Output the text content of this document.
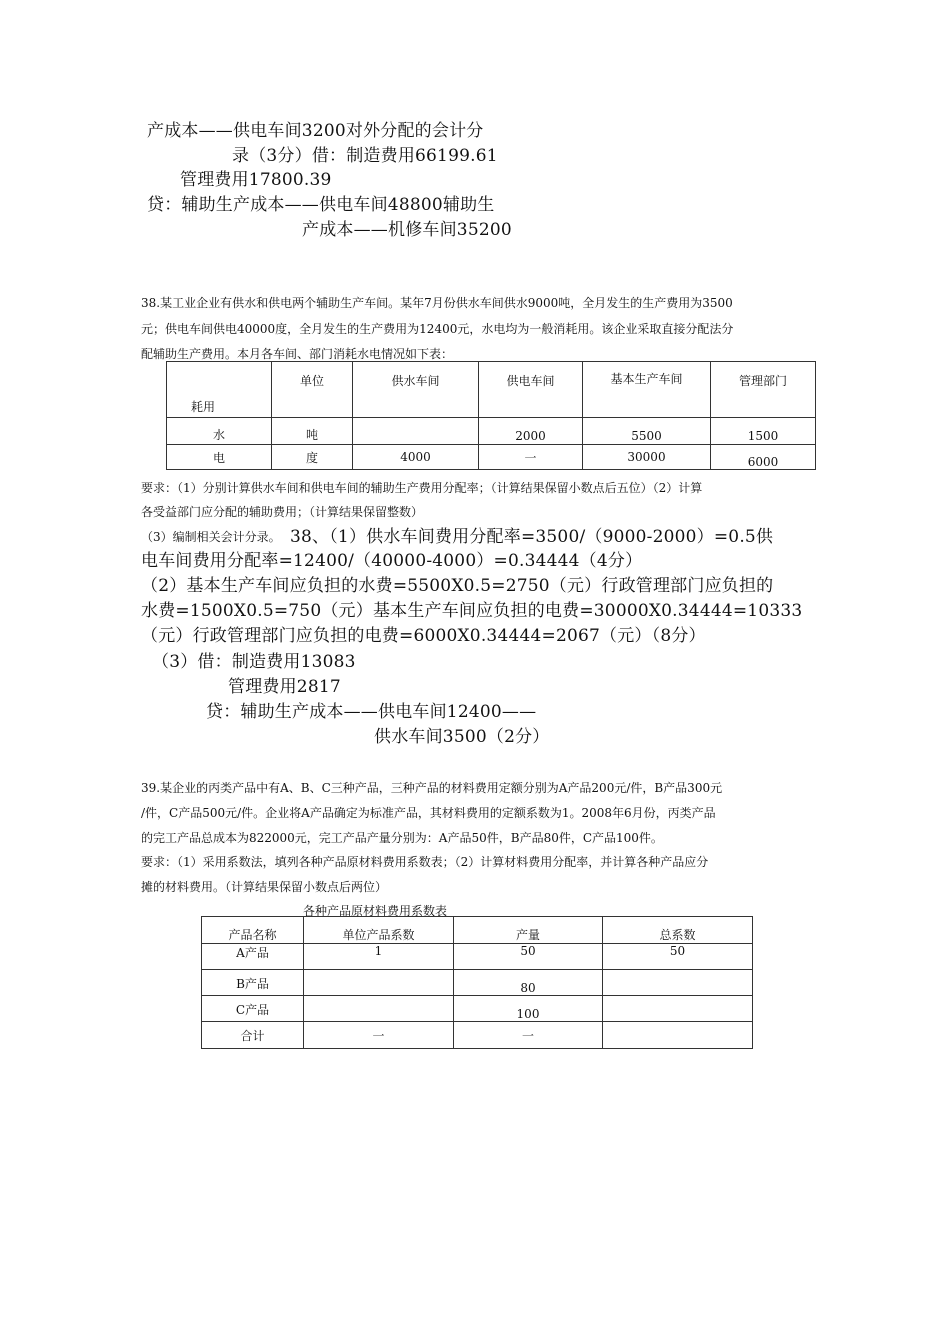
产成本——供电车间3200对外分配的会计分
录（3分）借：制造费用66199.61
管理费用17800.39
贷：辅助生产成本——供电车间48800辅助生
产成本——机修车间35200
38.某工业企业有供水和供电两个辅助生产车间。某年7月份供水车间供水9000吨，全月发生的生产费用为3500
元；供电车间供电40000度，全月发生的生产费用为12400元，水电均为一般消耗用。该企业采取直接分配法分
配辅助生产费用。本月各车间、部门消耗水电情况如下表：
耗用	单位	供水车间	供电车间	基本生产车间	管理部门
水	吨		2000	5500	1500
电	度	4000	一	30000	6000
要求：（1）分别计算供水车间和供电车间的辅助生产费用分配率；（计算结果保留小数点后五位）（2）计算
各受益部门应分配的辅助费用；（计算结果保留整数）
（3）编制相关会计分录。 38、（1）供水车间费用分配率=3500/（9000-2000）=0.5供
电车间费用分配率=12400/（40000-4000）=0.34444（4分）
（2）基本生产车间应负担的水费=5500X0.5=2750（元）行政管理部门应负担的
水费=1500X0.5=750（元）基本生产车间应负担的电费=30000X0.34444=10333
（元）行政管理部门应负担的电费=6000X0.34444=2067（元）（8分）
（3）借：制造费用13083
管理费用2817
贷：辅助生产成本——供电车间12400——
供水车间3500（2分）
39.某企业的丙类产品中有A、B、C三种产品，三种产品的材料费用定额分别为A产品200元/件，B产品300元
/件，C产品500元/件。企业将A产品确定为标准产品，其材料费用的定额系数为1。2008年6月份，丙类产品
的完工产品总成本为822000元，完工产品产量分别为：A产品50件，B产品80件，C产品100件。
要求：（1）采用系数法，填列各种产品原材料费用系数表；（2）计算材料费用分配率，并计算各种产品应分
摊的材料费用。（计算结果保留小数点后两位）
各种产品原材料费用系数表
产品名称	单位产品系数	产量	总系数
A产品	1	50	50
B产品		80	
C产品		100	
合计	一	一	
